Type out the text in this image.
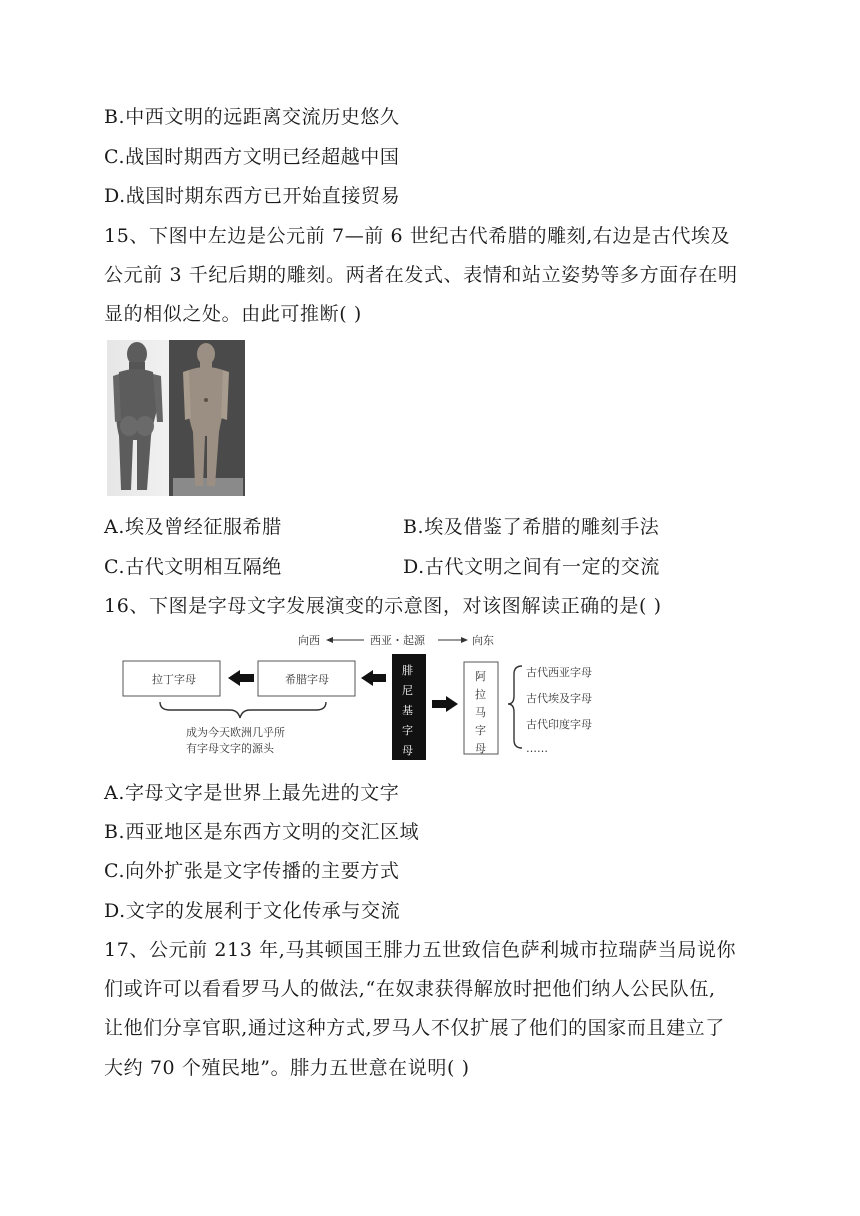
B.中西文明的远距离交流历史悠久
C.战国时期西方文明已经超越中国
D.战国时期东西方已开始直接贸易
15、下图中左边是公元前 7—前 6 世纪古代希腊的雕刻,右边是古代埃及
公元前 3 千纪后期的雕刻。两者在发式、表情和站立姿势等多方面存在明
显的相似之处。由此可推断( )
A.埃及曾经征服希腊	B.埃及借鉴了希腊的雕刻手法
C.古代文明相互隔绝	D.古代文明之间有一定的交流
16、下图是字母文字发展演变的示意图，对该图解读正确的是( )
向西	西亚・起源	向东
拉丁字母	希腊字母
腓
尼
基
字
母
阿
拉
马
字
母
古代西亚字母
古代埃及字母
古代印度字母
……
成为今天欧洲几乎所
有字母文字的源头
A.字母文字是世界上最先进的文字
B.西亚地区是东西方文明的交汇区域
C.向外扩张是文字传播的主要方式
D.文字的发展利于文化传承与交流
17、公元前 213 年,马其顿国王腓力五世致信色萨利城市拉瑞萨当局说你
们或许可以看看罗马人的做法,“在奴隶获得解放时把他们纳人公民队伍,
让他们分享官职,通过这种方式,罗马人不仅扩展了他们的国家而且建立了
大约 70 个殖民地”。腓力五世意在说明( )
